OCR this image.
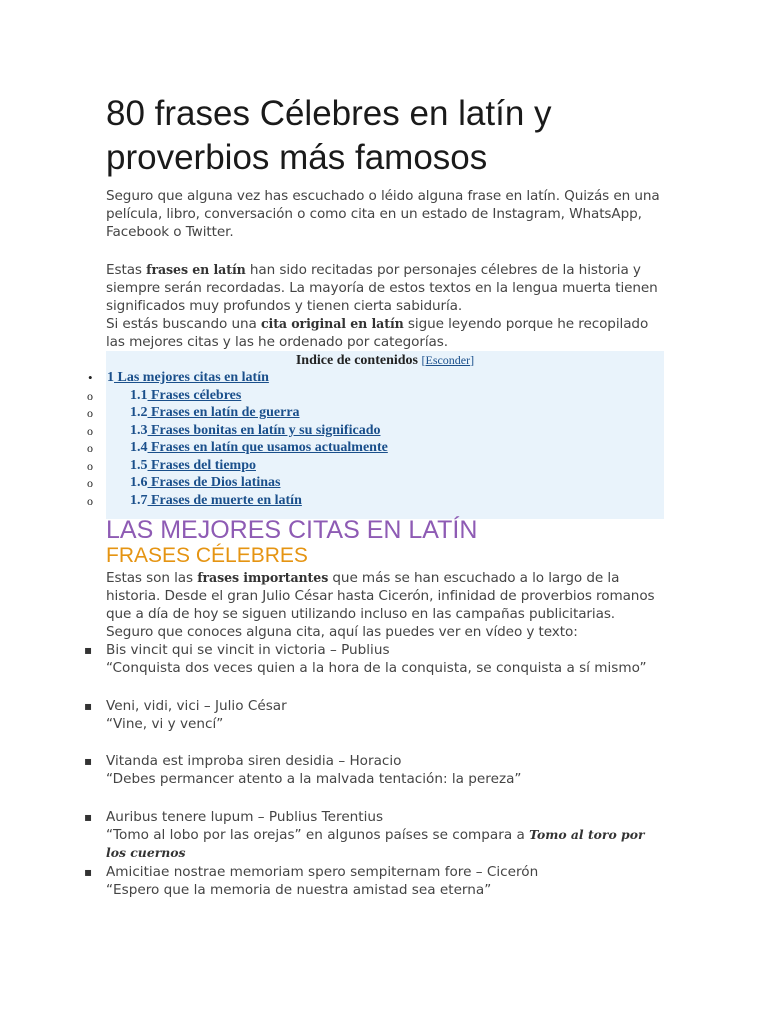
80 frases Célebres en latín y proverbios más famosos

Seguro que alguna vez has escuchado o léido alguna frase en latín. Quizás en una película, libro, conversación o como cita en un estado de Instagram, WhatsApp, Facebook o Twitter.

Estas frases en latín han sido recitadas por personajes célebres de la historia y siempre serán recordadas. La mayoría de estos textos en la lengua muerta tienen significados muy profundos y tienen cierta sabiduría.

Si estás buscando una cita original en latín sigue leyendo porque he recopilado las mejores citas y las he ordenado por categorías.

Indice de contenidos [Esconder]
• 1 Las mejores citas en latín
o	1.1 Frases célebres
o	1.2 Frases en latín de guerra
o	1.3 Frases bonitas en latín y su significado
o	1.4 Frases en latín que usamos actualmente
o	1.5 Frases del tiempo
o	1.6 Frases de Dios latinas
o	1.7 Frases de muerte en latín
LAS MEJORES CITAS EN LATÍN
FRASES CÉLEBRES

Estas son las frases importantes que más se han escuchado a lo largo de la historia. Desde el gran Julio César hasta Cicerón, infinidad de proverbios romanos que a día de hoy se siguen utilizando incluso en las campañas publicitarias.
Seguro que conoces alguna cita, aquí las puedes ver en vídeo y texto:

▪ Bis vincit qui se vincit in victoria – Publius
“Conquista dos veces quien a la hora de la conquista, se conquista a sí mismo”
▪ Veni, vidi, vici – Julio César
“Vine, vi y vencí”
▪ Vitanda est improba siren desidia – Horacio
“Debes permancer atento a la malvada tentación: la pereza”
▪ Auribus tenere lupum – Publius Terentius
“Tomo al lobo por las orejas” en algunos países se compara a Tomo al toro por los cuernos
▪ Amicitiae nostrae memoriam spero sempiternam fore – Cicerón
“Espero que la memoria de nuestra amistad sea eterna”
